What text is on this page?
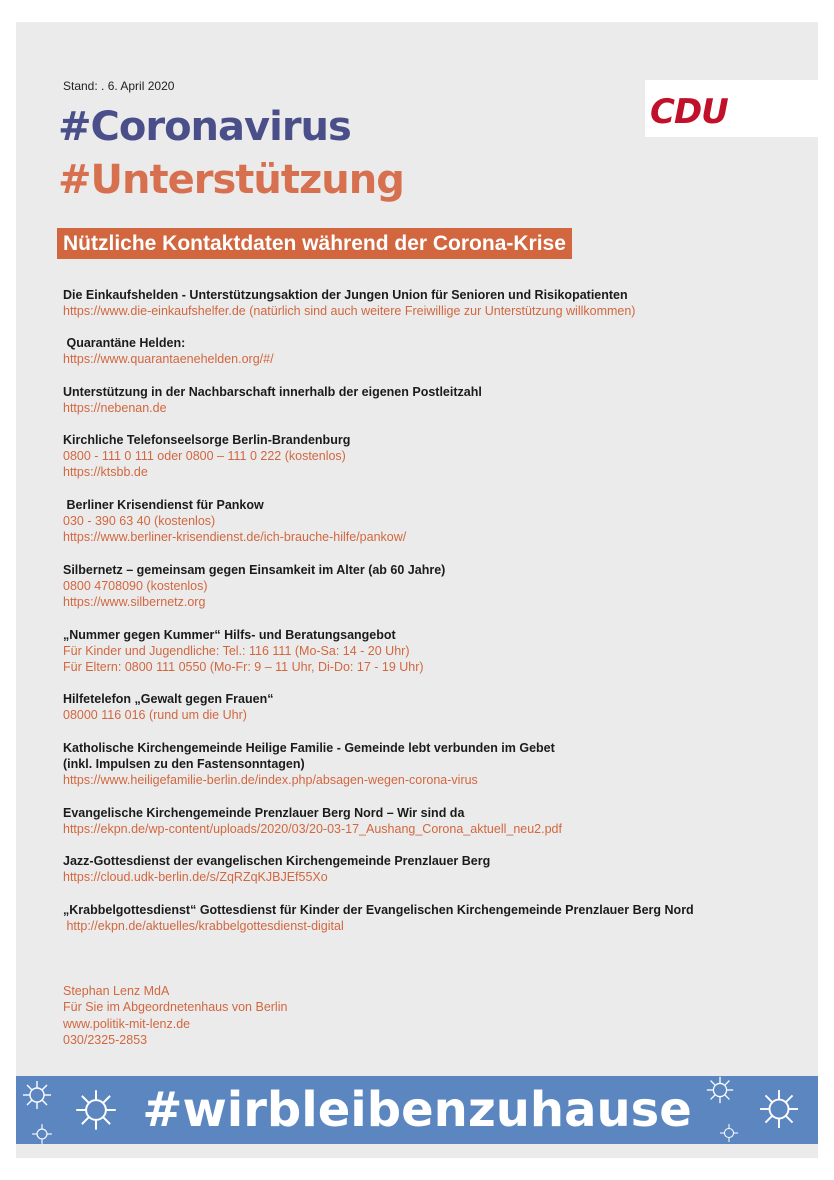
Stand: . 6. April 2020
CDU
#Coronavirus
#Unterstützung
Nützliche Kontaktdaten während der Corona-Krise
Die Einkaufshelden - Unterstützungsaktion der Jungen Union für Senioren und Risikopatienten
https://www.die-einkaufshelfer.de (natürlich sind auch weitere Freiwillige zur Unterstützung willkommen)
Quarantäne Helden:
https://www.quarantaenehelden.org/#/
Unterstützung in der Nachbarschaft innerhalb der eigenen Postleitzahl
https://nebenan.de
Kirchliche Telefonseelsorge Berlin-Brandenburg
0800 - 111 0 111 oder 0800 – 111 0 222 (kostenlos)
https://ktsbb.de
Berliner Krisendienst für Pankow
030 - 390 63 40 (kostenlos)
https://www.berliner-krisendienst.de/ich-brauche-hilfe/pankow/
Silbernetz – gemeinsam gegen Einsamkeit im Alter (ab 60 Jahre)
0800 4708090 (kostenlos)
https://www.silbernetz.org
„Nummer gegen Kummer“ Hilfs- und Beratungsangebot
Für Kinder und Jugendliche: Tel.: 116 111 (Mo-Sa: 14 - 20 Uhr)
Für Eltern: 0800 111 0550 (Mo-Fr: 9 – 11 Uhr, Di-Do: 17 - 19 Uhr)
Hilfetelefon „Gewalt gegen Frauen“
08000 116 016 (rund um die Uhr)
Katholische Kirchengemeinde Heilige Familie - Gemeinde lebt verbunden im Gebet
(inkl. Impulsen zu den Fastensonntagen)
https://www.heiligefamilie-berlin.de/index.php/absagen-wegen-corona-virus
Evangelische Kirchengemeinde Prenzlauer Berg Nord – Wir sind da
https://ekpn.de/wp-content/uploads/2020/03/20-03-17_Aushang_Corona_aktuell_neu2.pdf
Jazz-Gottesdienst der evangelischen Kirchengemeinde Prenzlauer Berg
https://cloud.udk-berlin.de/s/ZqRZqKJBJEf55Xo
„Krabbelgottesdienst“ Gottesdienst für Kinder der Evangelischen Kirchengemeinde Prenzlauer Berg Nord
http://ekpn.de/aktuelles/krabbelgottesdienst-digital
Stephan Lenz MdA
Für Sie im Abgeordnetenhaus von Berlin
www.politik-mit-lenz.de
030/2325-2853
#wirbleibenzuhause
